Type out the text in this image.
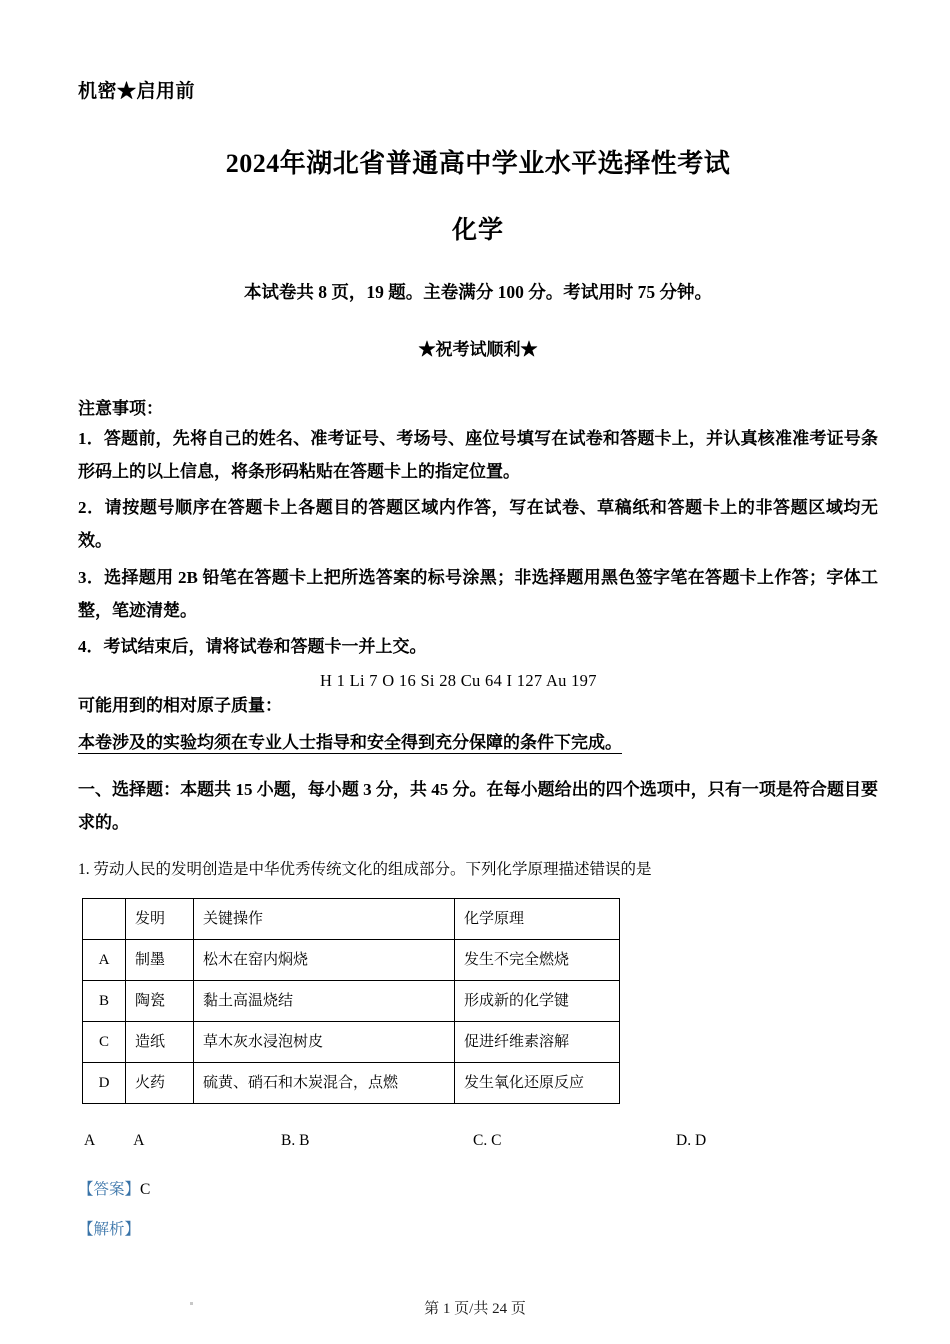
机密★启用前
2024年湖北省普通高中学业水平选择性考试
化学
本试卷共 8 页，19 题。主卷满分 100 分。考试用时 75 分钟。
★祝考试顺利★
注意事项：
1．答题前，先将自己的姓名、准考证号、考场号、座位号填写在试卷和答题卡上，并认真核准准考证号条形码上的以上信息，将条形码粘贴在答题卡上的指定位置。
2．请按题号顺序在答题卡上各题目的答题区域内作答，写在试卷、草稿纸和答题卡上的非答题区域均无效。
3．选择题用 2B 铅笔在答题卡上把所选答案的标号涂黑；非选择题用黑色签字笔在答题卡上作答；字体工整，笔迹清楚。
4．考试结束后，请将试卷和答题卡一并上交。
可能用到的相对原子质量：
H 1 Li 7 O 16 Si 28 Cu 64 I 127 Au 197
本卷涉及的实验均须在专业人士指导和安全得到充分保障的条件下完成。
一、选择题：本题共 15 小题，每小题 3 分，共 45 分。在每小题给出的四个选项中，只有一项是符合题目要求的。
1. 劳动人民的发明创造是中华优秀传统文化的组成部分。下列化学原理描述错误的是
	发明	关键操作	化学原理
A	制墨	松木在窑内焖烧	发生不完全燃烧
B	陶瓷	黏土高温烧结	形成新的化学键
C	造纸	草木灰水浸泡树皮	促进纤维素溶解
D	火药	硫黄、硝石和木炭混合，点燃	发生氧化还原反应
A A	B. B	C. C	D. D
【答案】C
【解析】
第 1 页/共 24 页
